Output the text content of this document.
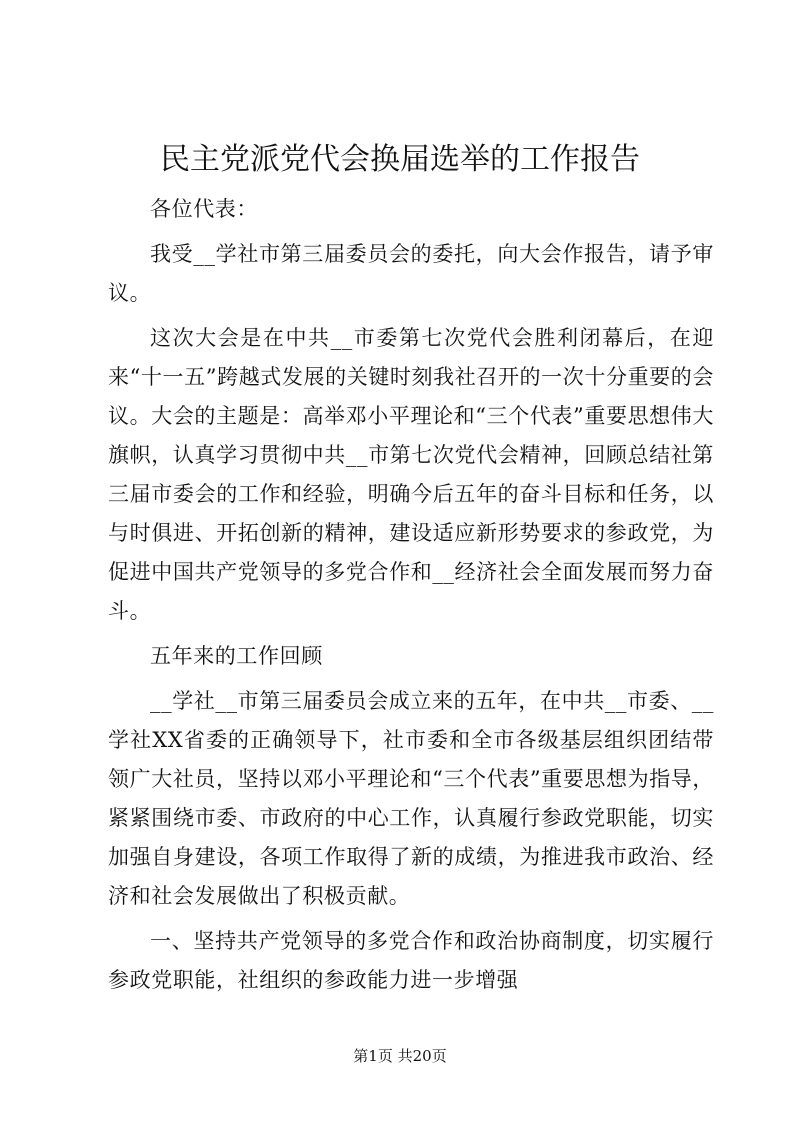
民主党派党代会换届选举的工作报告

各位代表：

我受__学社市第三届委员会的委托，向大会作报告，请予审议。

这次大会是在中共__市委第七次党代会胜利闭幕后，在迎来“十一五”跨越式发展的关键时刻我社召开的一次十分重要的会议。大会的主题是：高举邓小平理论和“三个代表”重要思想伟大旗帜，认真学习贯彻中共__市第七次党代会精神，回顾总结社第三届市委会的工作和经验，明确今后五年的奋斗目标和任务，以与时俱进、开拓创新的精神，建设适应新形势要求的参政党，为促进中国共产党领导的多党合作和__经济社会全面发展而努力奋斗。

五年来的工作回顾

__学社__市第三届委员会成立来的五年，在中共__市委、__学社XX省委的正确领导下，社市委和全市各级基层组织团结带领广大社员，坚持以邓小平理论和“三个代表”重要思想为指导，紧紧围绕市委、市政府的中心工作，认真履行参政党职能，切实加强自身建设，各项工作取得了新的成绩，为推进我市政治、经济和社会发展做出了积极贡献。

一、坚持共产党领导的多党合作和政治协商制度，切实履行参政党职能，社组织的参政能力进一步增强

第1页 共20页
